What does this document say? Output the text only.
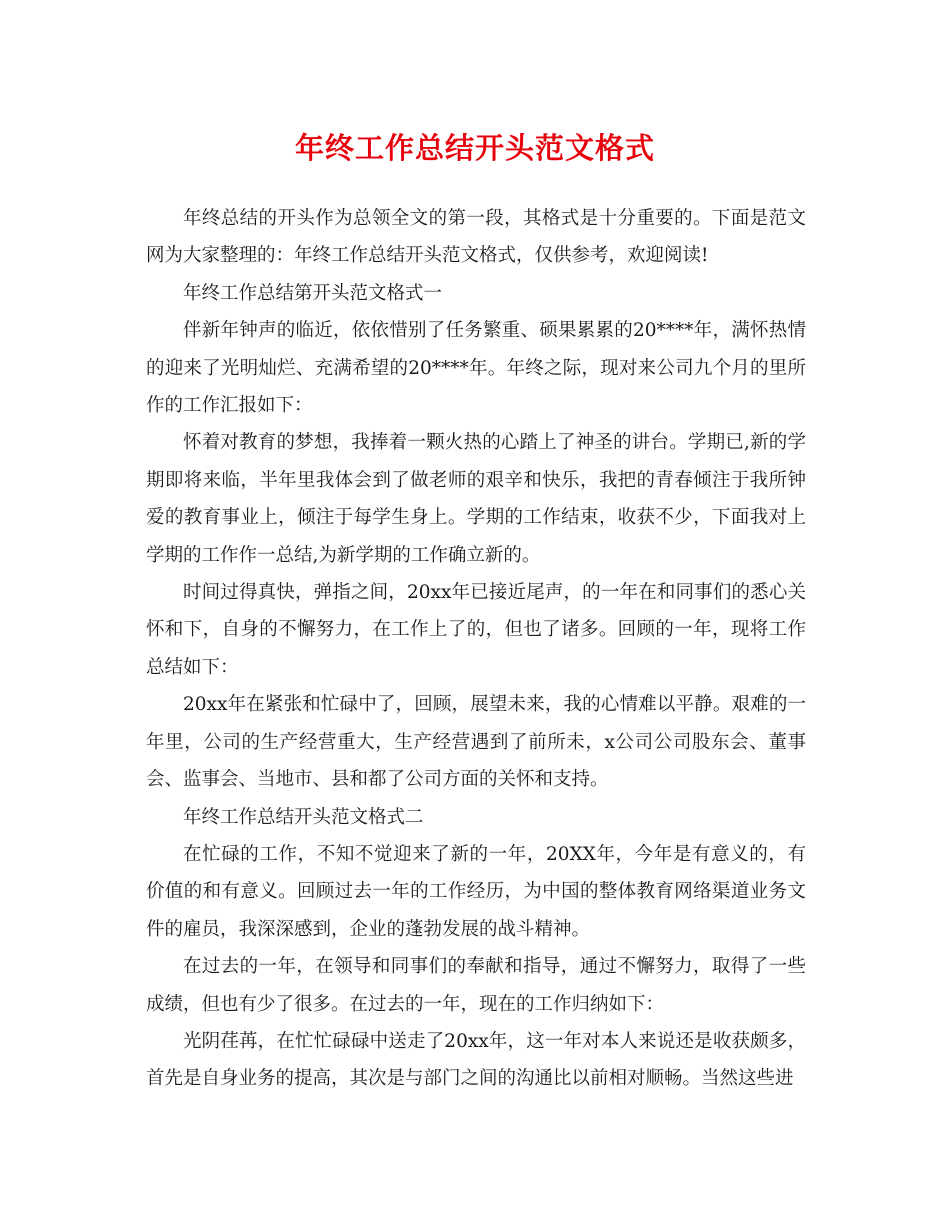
年终工作总结开头范文格式

年终总结的开头作为总领全文的第一段，其格式是十分重要的。下面是范文网为大家整理的：年终工作总结开头范文格式，仅供参考，欢迎阅读!

年终工作总结第开头范文格式一

伴新年钟声的临近，依依惜别了任务繁重、硕果累累的20****年，满怀热情的迎来了光明灿烂、充满希望的20****年。年终之际，现对来公司九个月的里所作的工作汇报如下：

怀着对教育的梦想，我捧着一颗火热的心踏上了神圣的讲台。学期已,新的学期即将来临，半年里我体会到了做老师的艰辛和快乐，我把的青春倾注于我所钟爱的教育事业上，倾注于每学生身上。学期的工作结束，收获不少，下面我对上学期的工作作一总结,为新学期的工作确立新的。

时间过得真快，弹指之间，20xx年已接近尾声，的一年在和同事们的悉心关怀和下，自身的不懈努力，在工作上了的，但也了诸多。回顾的一年，现将工作总结如下：

20xx年在紧张和忙碌中了，回顾，展望未来，我的心情难以平静。艰难的一年里，公司的生产经营重大，生产经营遇到了前所未，x公司公司股东会、董事会、监事会、当地市、县和都了公司方面的关怀和支持。

年终工作总结开头范文格式二

在忙碌的工作，不知不觉迎来了新的一年，20XX年，今年是有意义的，有价值的和有意义。回顾过去一年的工作经历，为中国的整体教育网络渠道业务文件的雇员，我深深感到，企业的蓬勃发展的战斗精神。

在过去的一年，在领导和同事们的奉献和指导，通过不懈努力，取得了一些成绩，但也有少了很多。在过去的一年，现在的工作归纳如下：

光阴荏苒，在忙忙碌碌中送走了20xx年，这一年对本人来说还是收获颇多，首先是自身业务的提高，其次是与部门之间的沟通比以前相对顺畅。当然这些进
